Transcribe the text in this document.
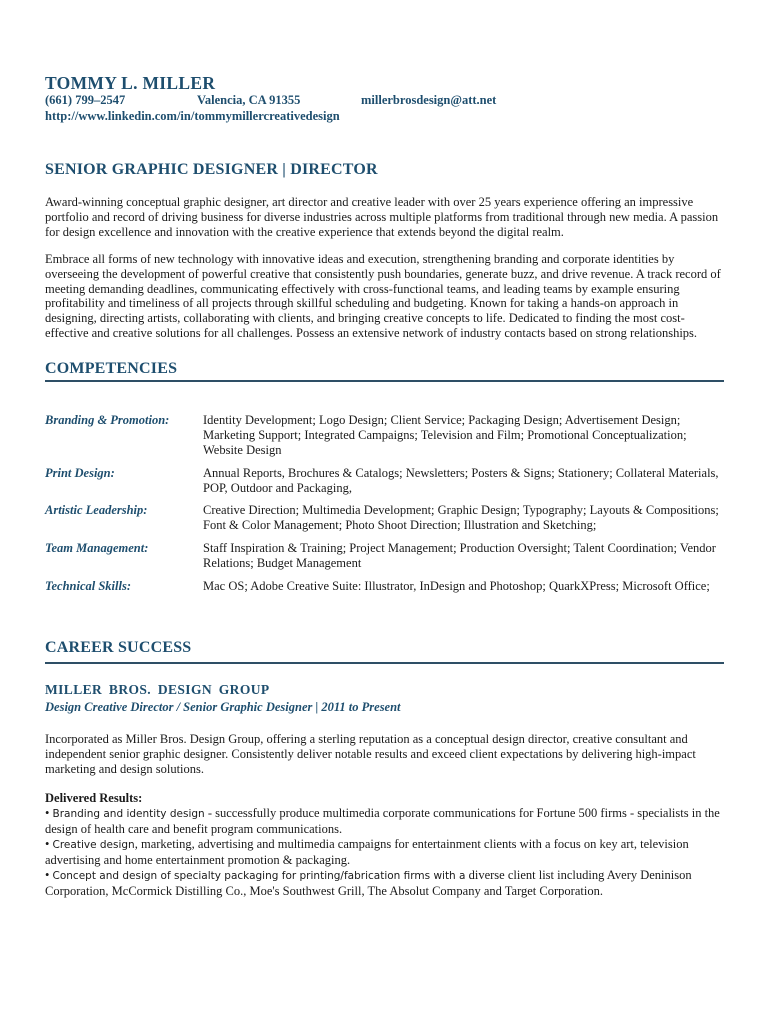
TOMMY L. MILLER
(661) 799–2547	Valencia, CA 91355	millerbrosdesign@att.net
http://www.linkedin.com/in/tommymillercreativedesign
SENIOR GRAPHIC DESIGNER | DIRECTOR
Award-winning conceptual graphic designer, art director and creative leader with over 25 years experience offering an impressive portfolio and record of driving business for diverse industries across multiple platforms from traditional through new media. A passion for design excellence and innovation with the creative experience that extends beyond the digital realm.
Embrace all forms of new technology with innovative ideas and execution, strengthening branding and corporate identities by overseeing the development of powerful creative that consistently push boundaries, generate buzz, and drive revenue. A track record of meeting demanding deadlines, communicating effectively with cross-functional teams, and leading teams by example ensuring profitability and timeliness of all projects through skillful scheduling and budgeting. Known for taking a hands-on approach in designing, directing artists, collaborating with clients, and bringing creative concepts to life. Dedicated to finding the most cost-effective and creative solutions for all challenges. Possess an extensive network of industry contacts based on strong relationships.
COMPETENCIES
Branding & Promotion:	Identity Development; Logo Design; Client Service; Packaging Design; Advertisement Design; Marketing Support; Integrated Campaigns; Television and Film; Promotional Conceptualization; Website Design
Print Design:	Annual Reports, Brochures & Catalogs; Newsletters; Posters & Signs; Stationery; Collateral Materials, POP, Outdoor and Packaging,
Artistic Leadership:	Creative Direction; Multimedia Development; Graphic Design; Typography; Layouts & Compositions; Font & Color Management; Photo Shoot Direction; Illustration and Sketching;
Team Management:	Staff Inspiration & Training; Project Management; Production Oversight; Talent Coordination; Vendor Relations; Budget Management
Technical Skills:	Mac OS; Adobe Creative Suite: Illustrator, InDesign and Photoshop; QuarkXPress; Microsoft Office;
CAREER SUCCESS
MILLER BROS. DESIGN GROUP
Design Creative Director / Senior Graphic Designer | 2011 to Present
Incorporated as Miller Bros. Design Group, offering a sterling reputation as a conceptual design director, creative consultant and independent senior graphic designer. Consistently deliver notable results and exceed client expectations by delivering high-impact marketing and design solutions.
Delivered Results:

• Branding and identity design - successfully produce multimedia corporate communications for Fortune 500 firms - specialists in the design of health care and benefit program communications.

• Creative design, marketing, advertising and multimedia campaigns for entertainment clients with a focus on key art, television advertising and home entertainment promotion & packaging.

• Concept and design of specialty packaging for printing/fabrication firms with a diverse client list including Avery Deninison Corporation, McCormick Distilling Co., Moe's Southwest Grill, The Absolut Company and Target Corporation.
